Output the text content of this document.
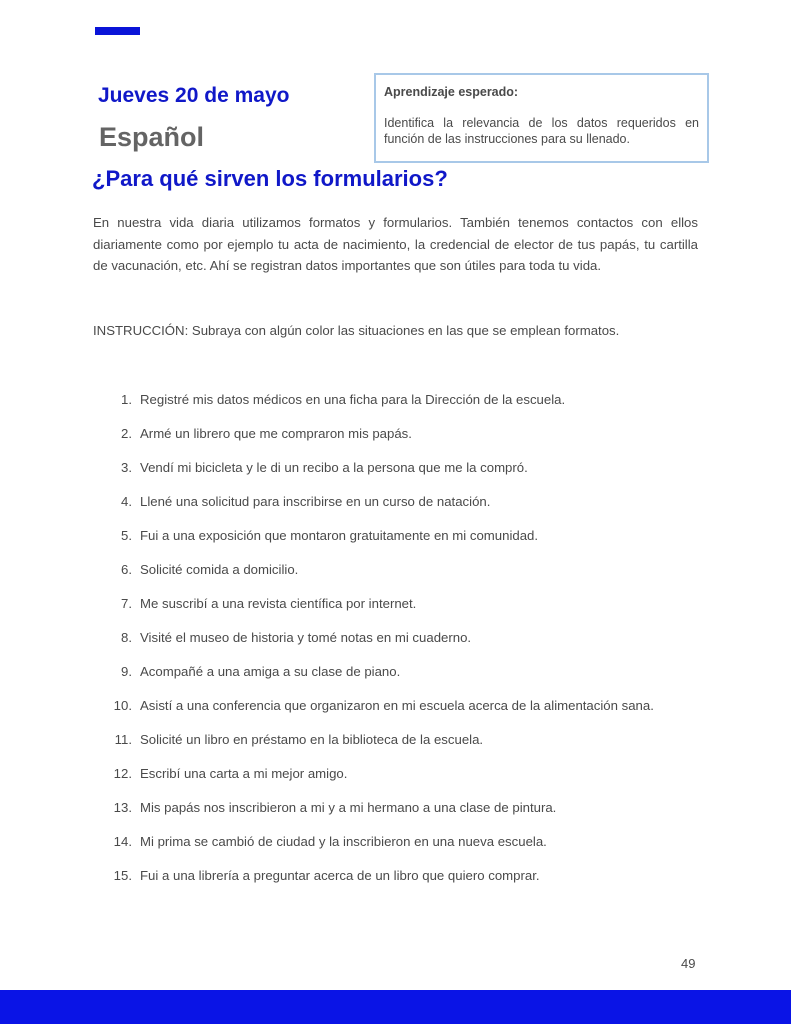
Jueves 20 de mayo
Español
Aprendizaje esperado:
Identifica la relevancia de los datos requeridos en función de las instrucciones para su llenado.
¿Para qué sirven los formularios?
En nuestra vida diaria utilizamos formatos y formularios. También tenemos contactos con ellos diariamente como por ejemplo tu acta de nacimiento, la credencial de elector de tus papás, tu cartilla de vacunación, etc. Ahí se registran datos importantes que son útiles para toda tu vida.
INSTRUCCIÓN: Subraya con algún color las situaciones en las que se emplean formatos.
1. Registré mis datos médicos en una ficha para la Dirección de la escuela.
2. Armé un librero que me compraron mis papás.
3. Vendí mi bicicleta y le di un recibo a la persona que me la compró.
4. Llené una solicitud para inscribirse en un curso de natación.
5. Fui a una exposición que montaron gratuitamente en mi comunidad.
6. Solicité comida a domicilio.
7. Me suscribí a una revista científica por internet.
8. Visité el museo de historia y tomé notas en mi cuaderno.
9. Acompañé a una amiga a su clase de piano.
10. Asistí a una conferencia que organizaron en mi escuela acerca de la alimentación sana.
11. Solicité un libro en préstamo en la biblioteca de la escuela.
12. Escribí una carta a mi mejor amigo.
13. Mis papás nos inscribieron a mi y a mi hermano a una clase de pintura.
14. Mi prima se cambió de ciudad y la inscribieron en una nueva escuela.
15. Fui a una librería a preguntar acerca de un libro que quiero comprar.
49
